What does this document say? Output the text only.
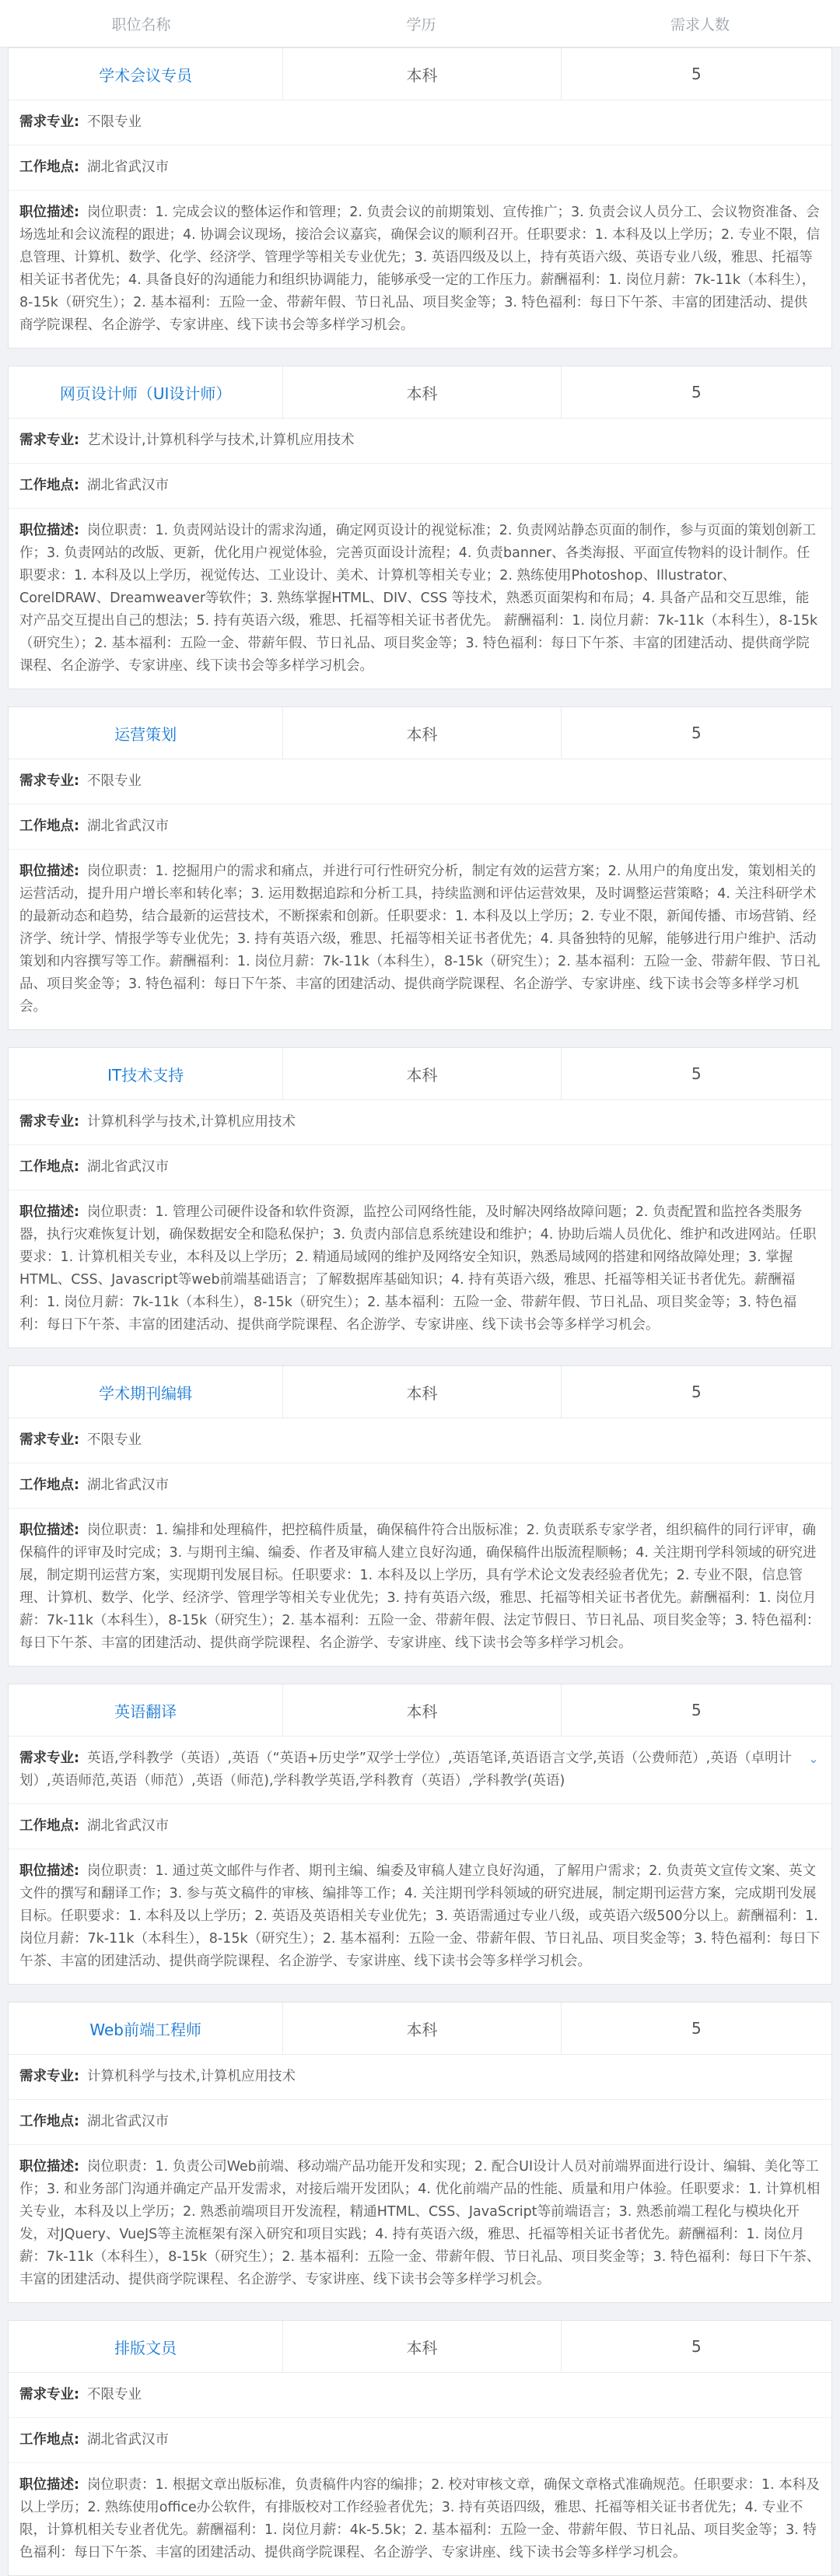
职位名称	学历	需求人数
学术会议专员	本科	5
需求专业: 不限专业
工作地点: 湖北省武汉市
职位描述: 岗位职责：1. 完成会议的整体运作和管理；2. 负责会议的前期策划、宣传推广；3. 负责会议人员分工、会议物资准备、会场选址和会议流程的跟进；4. 协调会议现场，接洽会议嘉宾，确保会议的顺利召开。任职要求：1. 本科及以上学历；2. 专业不限，信息管理、计算机、数学、化学、经济学、管理学等相关专业优先；3. 英语四级及以上，持有英语六级、英语专业八级，雅思、托福等相关证书者优先；4. 具备良好的沟通能力和组织协调能力，能够承受一定的工作压力。薪酬福利：1. 岗位月薪：7k-11k（本科生），8-15k（研究生）；2. 基本福利：五险一金、带薪年假、节日礼品、项目奖金等；3. 特色福利：每日下午茶、丰富的团建活动、提供商学院课程、名企游学、专家讲座、线下读书会等多样学习机会。
网页设计师（UI设计师）	本科	5
需求专业: 艺术设计,计算机科学与技术,计算机应用技术
工作地点: 湖北省武汉市
职位描述: 岗位职责：1. 负责网站设计的需求沟通，确定网页设计的视觉标准；2. 负责网站静态页面的制作，参与页面的策划创新工作；3. 负责网站的改版、更新，优化用户视觉体验，完善页面设计流程；4. 负责banner、各类海报、平面宣传物料的设计制作。任职要求：1. 本科及以上学历，视觉传达、工业设计、美术、计算机等相关专业；2. 熟练使用Photoshop、Illustrator、CorelDRAW、Dreamweaver等软件；3. 熟练掌握HTML、DIV、CSS 等技术，熟悉页面架构和布局；4. 具备产品和交互思维，能对产品交互提出自己的想法；5. 持有英语六级，雅思、托福等相关证书者优先。 薪酬福利：1. 岗位月薪：7k-11k（本科生），8-15k（研究生）；2. 基本福利：五险一金、带薪年假、节日礼品、项目奖金等；3. 特色福利：每日下午茶、丰富的团建活动、提供商学院课程、名企游学、专家讲座、线下读书会等多样学习机会。
运营策划	本科	5
需求专业: 不限专业
工作地点: 湖北省武汉市
职位描述: 岗位职责：1. 挖掘用户的需求和痛点，并进行可行性研究分析，制定有效的运营方案；2. 从用户的角度出发，策划相关的运营活动，提升用户增长率和转化率；3. 运用数据追踪和分析工具，持续监测和评估运营效果，及时调整运营策略；4. 关注科研学术的最新动态和趋势，结合最新的运营技术，不断探索和创新。任职要求：1. 本科及以上学历；2. 专业不限，新闻传播、市场营销、经济学、统计学、情报学等专业优先；3. 持有英语六级，雅思、托福等相关证书者优先；4. 具备独特的见解，能够进行用户维护、活动策划和内容撰写等工作。薪酬福利：1. 岗位月薪：7k-11k（本科生），8-15k（研究生）；2. 基本福利：五险一金、带薪年假、节日礼品、项目奖金等；3. 特色福利：每日下午茶、丰富的团建活动、提供商学院课程、名企游学、专家讲座、线下读书会等多样学习机会。
IT技术支持	本科	5
需求专业: 计算机科学与技术,计算机应用技术
工作地点: 湖北省武汉市
职位描述: 岗位职责：1. 管理公司硬件设备和软件资源，监控公司网络性能，及时解决网络故障问题；2. 负责配置和监控各类服务器，执行灾难恢复计划，确保数据安全和隐私保护；3. 负责内部信息系统建设和维护；4. 协助后端人员优化、维护和改进网站。任职要求：1. 计算机相关专业，本科及以上学历；2. 精通局域网的维护及网络安全知识，熟悉局域网的搭建和网络故障处理；3. 掌握HTML、CSS、Javascript等web前端基础语言；了解数据库基础知识；4. 持有英语六级，雅思、托福等相关证书者优先。薪酬福利：1. 岗位月薪：7k-11k（本科生），8-15k（研究生）；2. 基本福利：五险一金、带薪年假、节日礼品、项目奖金等；3. 特色福利：每日下午茶、丰富的团建活动、提供商学院课程、名企游学、专家讲座、线下读书会等多样学习机会。
学术期刊编辑	本科	5
需求专业: 不限专业
工作地点: 湖北省武汉市
职位描述: 岗位职责：1. 编排和处理稿件，把控稿件质量，确保稿件符合出版标准；2. 负责联系专家学者，组织稿件的同行评审，确保稿件的评审及时完成；3. 与期刊主编、编委、作者及审稿人建立良好沟通，确保稿件出版流程顺畅；4. 关注期刊学科领域的研究进展，制定期刊运营方案，实现期刊发展目标。任职要求：1. 本科及以上学历，具有学术论文发表经验者优先；2. 专业不限，信息管理、计算机、数学、化学、经济学、管理学等相关专业优先；3. 持有英语六级，雅思、托福等相关证书者优先。薪酬福利：1. 岗位月薪：7k-11k（本科生），8-15k（研究生）；2. 基本福利：五险一金、带薪年假、法定节假日、节日礼品、项目奖金等；3. 特色福利：每日下午茶、丰富的团建活动、提供商学院课程、名企游学、专家讲座、线下读书会等多样学习机会。
英语翻译	本科	5
需求专业: 英语,学科教学（英语）,英语（“英语+历史学”双学士学位）,英语笔译,英语语言文学,英语（公费师范）,英语（卓明计划）,英语师范,英语（师范）,英语（师范),学科教学英语,学科教育（英语）,学科教学(英语)
⌄
工作地点: 湖北省武汉市
职位描述: 岗位职责：1. 通过英文邮件与作者、期刊主编、编委及审稿人建立良好沟通，了解用户需求；2. 负责英文宣传文案、英文文件的撰写和翻译工作；3. 参与英文稿件的审核、编排等工作；4. 关注期刊学科领域的研究进展，制定期刊运营方案，完成期刊发展目标。任职要求：1. 本科及以上学历；2. 英语及英语相关专业优先；3. 英语需通过专业八级，或英语六级500分以上。薪酬福利：1. 岗位月薪：7k-11k（本科生），8-15k（研究生）；2. 基本福利：五险一金、带薪年假、节日礼品、项目奖金等；3. 特色福利：每日下午茶、丰富的团建活动、提供商学院课程、名企游学、专家讲座、线下读书会等多样学习机会。
Web前端工程师	本科	5
需求专业: 计算机科学与技术,计算机应用技术
工作地点: 湖北省武汉市
职位描述: 岗位职责：1. 负责公司Web前端、移动端产品功能开发和实现；2. 配合UI设计人员对前端界面进行设计、编辑、美化等工作；3. 和业务部门沟通并确定产品开发需求，对接后端开发团队；4. 优化前端产品的性能、质量和用户体验。任职要求：1. 计算机相关专业，本科及以上学历；2. 熟悉前端项目开发流程，精通HTML、CSS、JavaScript等前端语言；3. 熟悉前端工程化与模块化开发，对JQuery、VueJS等主流框架有深入研究和项目实践；4. 持有英语六级，雅思、托福等相关证书者优先。薪酬福利：1. 岗位月薪：7k-11k（本科生），8-15k（研究生）；2. 基本福利：五险一金、带薪年假、节日礼品、项目奖金等；3. 特色福利：每日下午茶、丰富的团建活动、提供商学院课程、名企游学、专家讲座、线下读书会等多样学习机会。
排版文员	本科	5
需求专业: 不限专业
工作地点: 湖北省武汉市
职位描述: 岗位职责：1. 根据文章出版标准，负责稿件内容的编排；2. 校对审核文章，确保文章格式准确规范。任职要求：1. 本科及以上学历；2. 熟练使用office办公软件，有排版校对工作经验者优先；3. 持有英语四级，雅思、托福等相关证书者优先；4. 专业不限，计算机相关专业者优先。薪酬福利：1. 岗位月薪：4k-5.5k；2. 基本福利：五险一金、带薪年假、节日礼品、项目奖金等；3. 特色福利：每日下午茶、丰富的团建活动、提供商学院课程、名企游学、专家讲座、线下读书会等多样学习机会。
